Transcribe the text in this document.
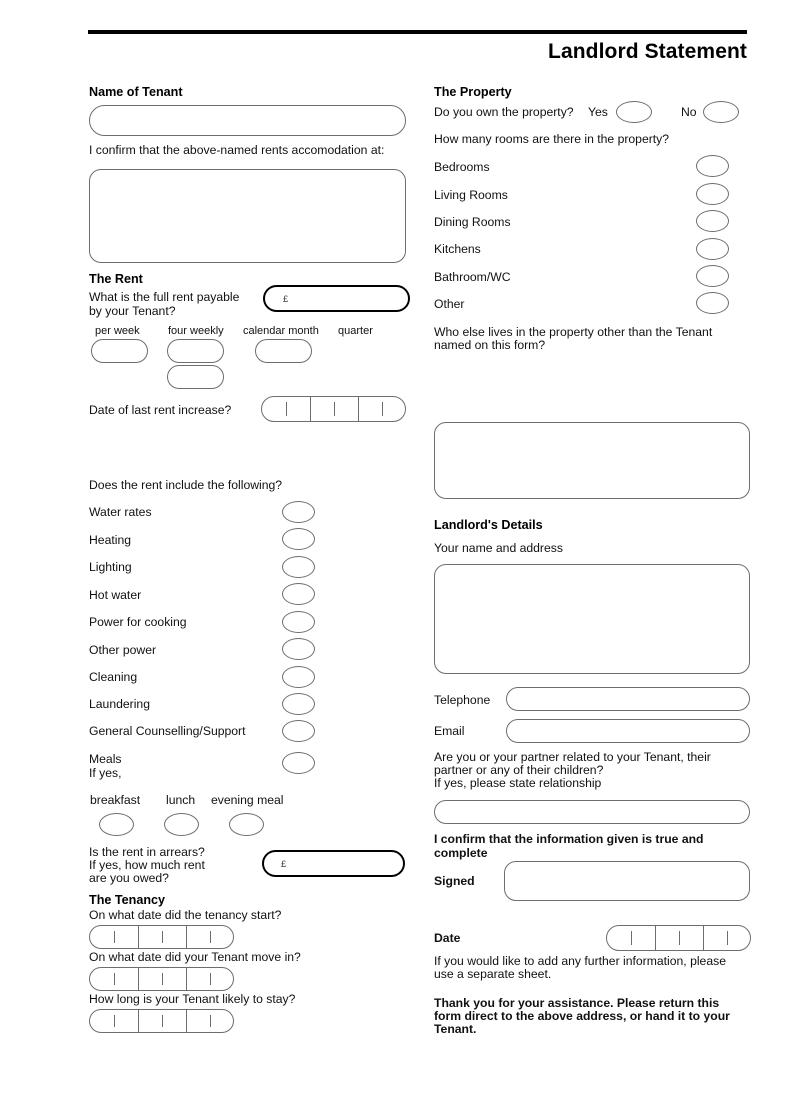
Landlord Statement
Name of Tenant
I confirm that the above-named rents accomodation at:
The Rent
What is the full rent payable
by your Tenant?
£
per week	four weekly calendar month quarter
Date of last rent increase?
Does the rent include the following?
Water rates
Heating
Lighting
Hot water
Power for cooking
Other power
Cleaning
Laundering
General Counselling/Support
Meals
If yes,
breakfast lunch evening meal
Is the rent in arrears?
If yes, how much rent
are you owed?
£
The Tenancy
On what date did the tenancy start?
On what date did your Tenant move in?
How long is your Tenant likely to stay?
The Property
Do you own the property? Yes	No
How many rooms are there in the property?
Bedrooms
Living Rooms
Dining Rooms
Kitchens
Bathroom/WC
Other
Who else lives in the property other than the Tenant
named on this form?
Landlord's Details
Your name and address
Telephone
Email
Are you or your partner related to your Tenant, their
partner or any of their children?
If yes, please state relationship
I confirm that the information given is true and
complete
Signed
Date
If you would like to add any further information, please
use a separate sheet.
Thank you for your assistance. Please return this
form direct to the above address, or hand it to your
Tenant.
